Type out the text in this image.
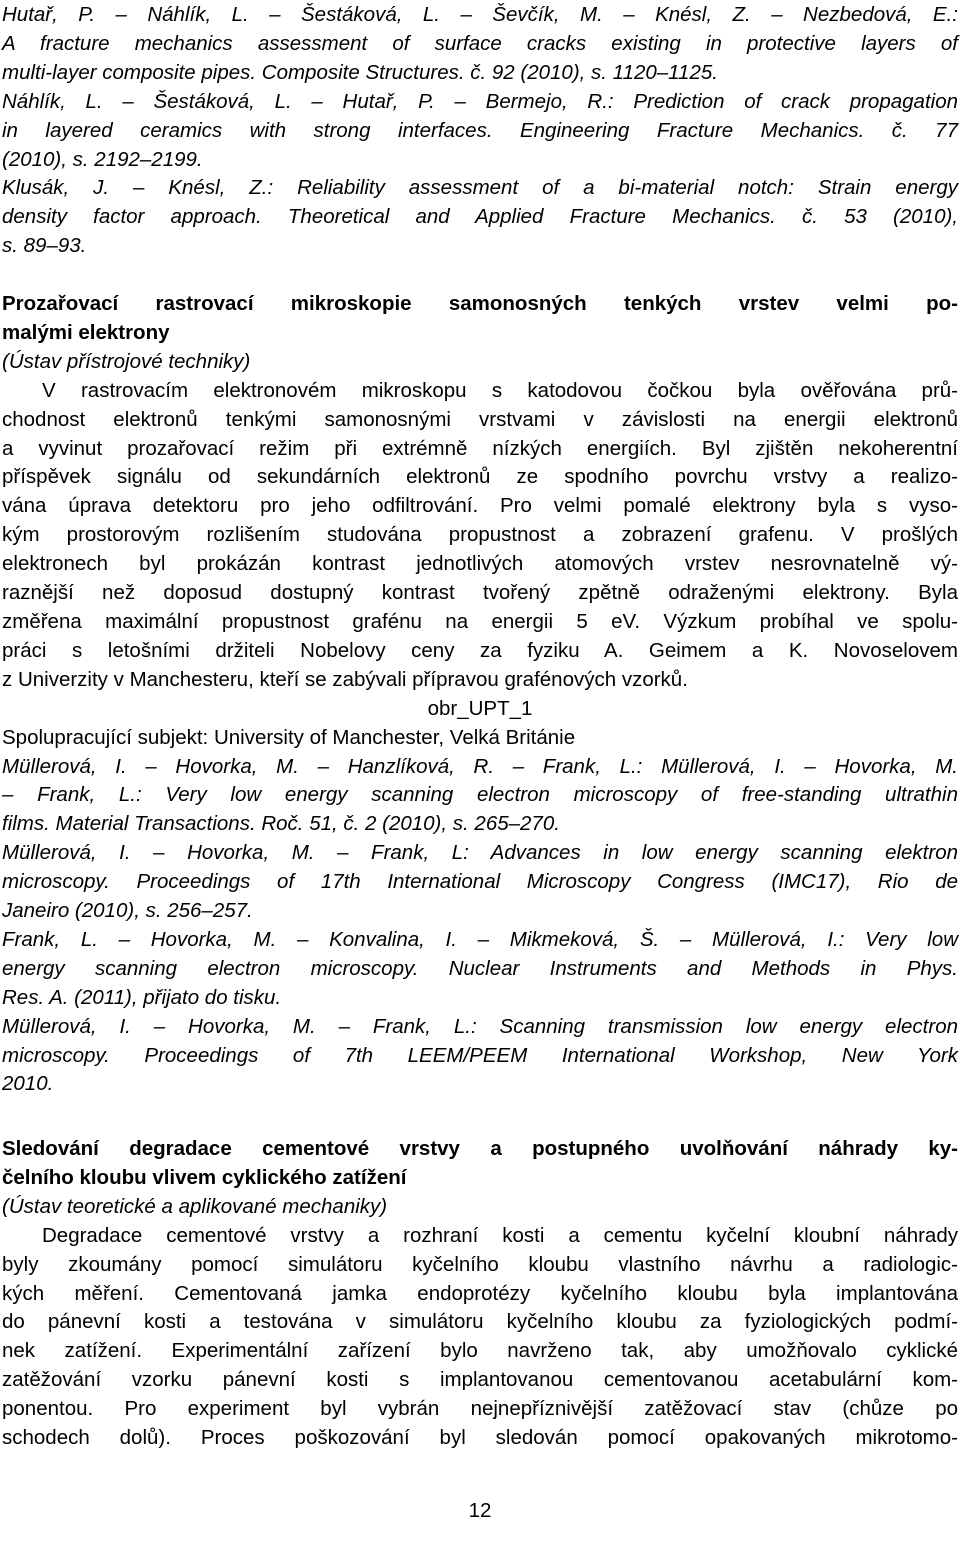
Hutař, P. – Náhlík, L. – Šestáková, L. – Ševčík, M. – Knésl, Z. – Nezbedová, E.:
A fracture mechanics assessment of surface cracks existing in protective layers of
multi-layer composite pipes. Composite Structures. č. 92 (2010), s. 1120–1125.
Náhlík, L. – Šestáková, L. – Hutař, P. – Bermejo, R.: Prediction of crack propagation
in layered ceramics with strong interfaces. Engineering Fracture Mechanics. č. 77
(2010), s. 2192–2199.
Klusák, J. – Knésl, Z.: Reliability assessment of a bi-material notch: Strain energy
density factor approach. Theoretical and Applied Fracture Mechanics. č. 53 (2010),
s. 89–93.
Prozařovací rastrovací mikroskopie samonosných tenkých vrstev velmi po-
malými elektrony
(Ústav přístrojové techniky)
V rastrovacím elektronovém mikroskopu s katodovou čočkou byla ověřována prů-
chodnost elektronů tenkými samonosnými vrstvami v závislosti na energii elektronů
a vyvinut prozařovací režim při extrémně nízkých energiích. Byl zjištěn nekoherentní
příspěvek signálu od sekundárních elektronů ze spodního povrchu vrstvy a realizo-
vána úprava detektoru pro jeho odfiltrování. Pro velmi pomalé elektrony byla s vyso-
kým prostorovým rozlišením studována propustnost a zobrazení grafenu. V prošlých
elektronech byl prokázán kontrast jednotlivých atomových vrstev nesrovnatelně vý-
raznější než doposud dostupný kontrast tvořený zpětně odraženými elektrony. Byla
změřena maximální propustnost grafénu na energii 5 eV. Výzkum probíhal ve spolu-
práci s letošními držiteli Nobelovy ceny za fyziku A. Geimem a K. Novoselovem
z Univerzity v Manchesteru, kteří se zabývali přípravou grafénových vzorků.
obr_UPT_1
Spolupracující subjekt: University of Manchester, Velká Británie
Müllerová, I. – Hovorka, M. – Hanzlíková, R. – Frank, L.: Müllerová, I. – Hovorka, M.
– Frank, L.: Very low energy scanning electron microscopy of free-standing ultrathin
films. Material Transactions. Roč. 51, č. 2 (2010), s. 265–270.
Müllerová, I. – Hovorka, M. – Frank, L: Advances in low energy scanning elektron
microscopy. Proceedings of 17th International Microscopy Congress (IMC17), Rio de
Janeiro (2010), s. 256–257.
Frank, L. – Hovorka, M. – Konvalina, I. – Mikmeková, Š. – Müllerová, I.: Very low
energy scanning electron microscopy. Nuclear Instruments and Methods in Phys.
Res. A. (2011), přijato do tisku.
Müllerová, I. – Hovorka, M. – Frank, L.: Scanning transmission low energy electron
microscopy. Proceedings of 7th LEEM/PEEM International Workshop, New York
2010.
Sledování degradace cementové vrstvy a postupného uvolňování náhrady ky-
čelního kloubu vlivem cyklického zatížení
(Ústav teoretické a aplikované mechaniky)
Degradace cementové vrstvy a rozhraní kosti a cementu kyčelní kloubní náhrady
byly zkoumány pomocí simulátoru kyčelního kloubu vlastního návrhu a radiologic-
kých měření. Cementovaná jamka endoprotézy kyčelního kloubu byla implantována
do pánevní kosti a testována v simulátoru kyčelního kloubu za fyziologických podmí-
nek zatížení. Experimentální zařízení bylo navrženo tak, aby umožňovalo cyklické
zatěžování vzorku pánevní kosti s implantovanou cementovanou acetabulární kom-
ponentou. Pro experiment byl vybrán nejnepříznivější zatěžovací stav (chůze po
schodech dolů). Proces poškozování byl sledován pomocí opakovaných mikrotomo-
12
